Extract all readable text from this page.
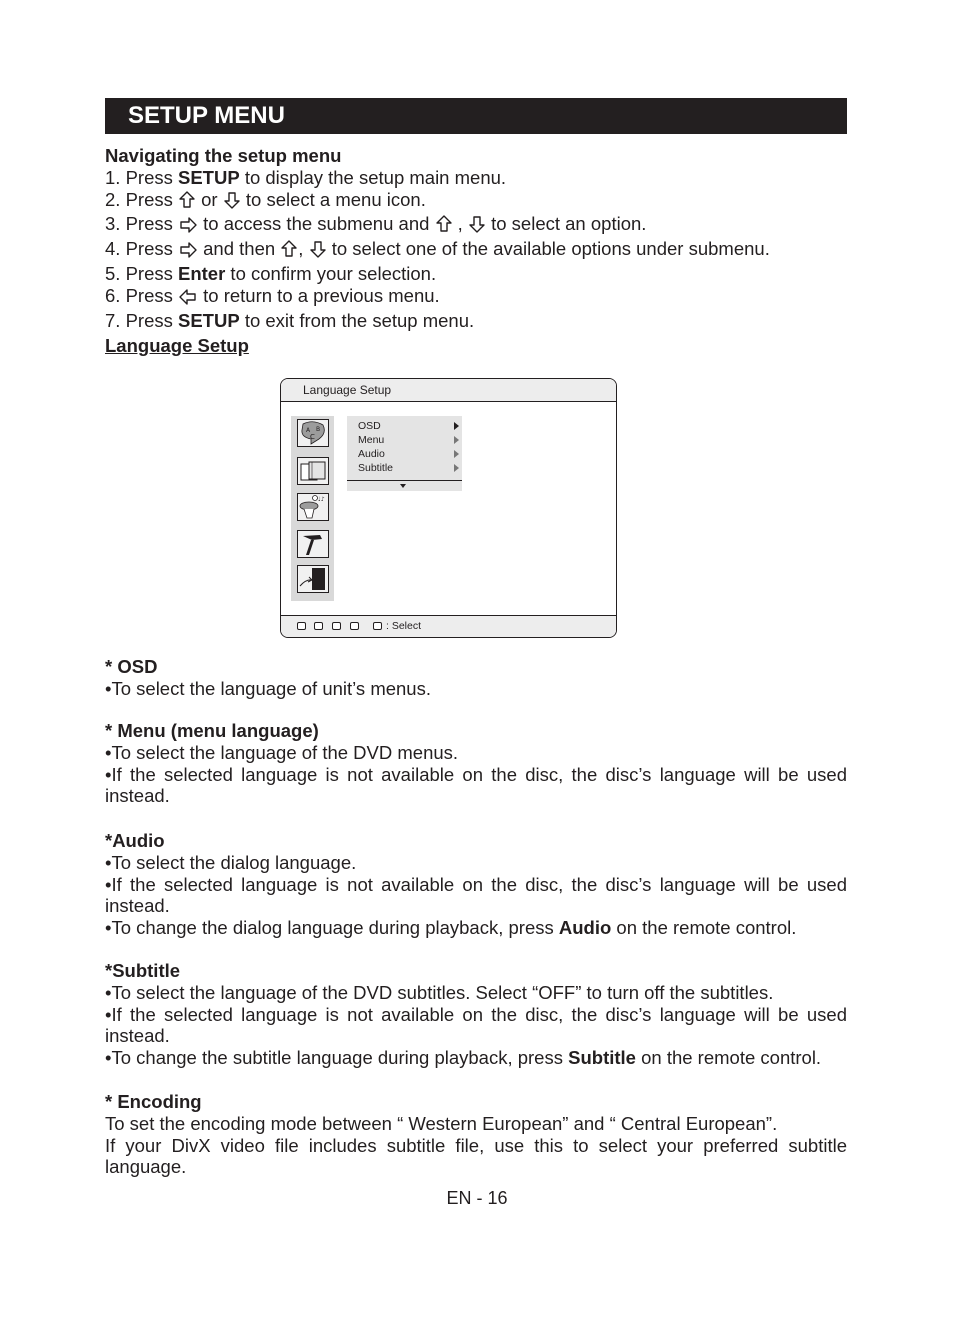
SETUP MENU
Navigating the setup menu
1. Press SETUP to display the setup main menu.
2. Press  or  to select a menu icon.
3. Press  to access the submenu and  ,  to select an option.
4. Press  and then ,  to select one of the available options under submenu.
5. Press Enter to confirm your selection.
6. Press  to return to a previous menu.
7. Press SETUP to exit from the setup menu.
Language Setup
Language Setup
A B
C
♩♪
OSD
Menu
Audio
Subtitle
: Select
* OSD
•To select the language of unit’s menus.
* Menu (menu language)
•To select the language of the DVD menus.
•If the selected language is not available on the disc, the disc’s language will be used instead.
*Audio
•To select the dialog language.
•If the selected language is not available on the disc, the disc’s language will be used instead.
•To change the dialog language during playback, press Audio on the remote control.
*Subtitle
•To select the language of the DVD subtitles. Select “OFF” to turn off the subtitles.
•If the selected language is not available on the disc, the disc’s language will be used instead.
•To change the subtitle language during playback, press Subtitle on the remote control.
* Encoding
To set the encoding mode between “ Western European” and “ Central European”.
If your DivX video file includes subtitle file, use this to select your preferred subtitle language.
EN - 16
